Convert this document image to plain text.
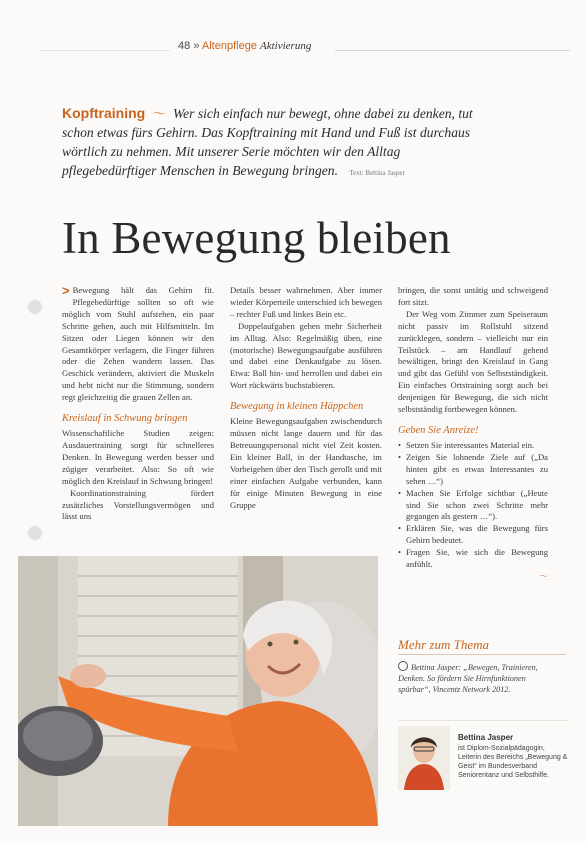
48 » Altenpflege Aktivierung
Kopftraining 〜 Wer sich einfach nur bewegt, ohne dabei zu denken, tut schon etwas fürs Gehirn. Das Kopftraining mit Hand und Fuß ist durchaus wörtlich zu nehmen. Mit unserer Serie möchten wir den Alltag pflegebedürftiger Menschen in Bewegung bringen. Text: Bettina Jasper
In Bewegung bleiben

> Bewegung hält das Gehirn fit. Pflegebedürftige sollten so oft wie möglich vom Stuhl aufstehen, ein paar Schritte gehen, auch mit Hilfsmitteln. Im Sitzen oder Liegen können wir den Gesamtkörper verlagern, die Finger führen oder die Zehen wandern lassen. Das Geschick verändern, aktiviert die Muskeln und hebt nicht nur die Stimmung, sondern regt gleichzeitig die grauen Zellen an.

Kreislauf in Schwung bringen

Wissenschaftliche Studien zeigen: Ausdauertraining sorgt für schnelleres Denken. In Bewegung werden besser und zügiger verarbeitet. Also: So oft wie möglich den Kreislauf in Schwung bringen!

Koordinationstraining fördert zusätzliches Vorstellungsvermögen und lässt uns

Details besser wahrnehmen. Aber immer wieder Körperteile unterschied ich bewegen – rechter Fuß und linkes Bein etc.

Doppelaufgaben gehen mehr Sicherheit im Alltag. Also: Regelmäßig üben, eine (motorische) Bewegungsaufgabe ausführen und dabei eine Denkaufgabe zu lösen. Etwa: Ball hin- und herrollen und dabei ein Wort rückwärts buchstabieren.

Bewegung in kleinen Häppchen

Kleine Bewegungsaufgaben zwischendurch müssen nicht lange dauern und für das Betreuungspersonal nicht viel Zeit kosten. Ein kleiner Ball, in der Handtasche, im Vorbeigehen über den Tisch gerollt und mit einer einfachen Aufgabe verbunden, kann für einige Minuten Bewegung in eine Gruppe

bringen, die sonst untätig und schweigend fort sitzt.

Der Weg vom Zimmer zum Speiseraum nicht passiv im Rollstuhl sitzend zurücklegen, sondern – vielleicht nur ein Teilstück – am Handlauf gehend bewältigen, bringt den Kreislauf in Gang und gibt das Gefühl von Selbstständigkeit. Ein einfaches Ortstraining sorgt auch bei denjenigen für Bewegung, die sich nicht selbstständig fortbewegen können.

Geben Sie Anreize!
• Setzen Sie interessantes Material ein.
• Zeigen Sie lohnende Ziele auf („Da hinten gibt es etwas Interessantes zu sehen …“)
• Machen Sie Erfolge sichtbar („Heute sind Sie schon zwei Schritte mehr gegangen als gestern …“).
• Erklären Sie, was die Bewegung fürs Gehirn bedeutet.
• Fragen Sie, wie sich die Bewegung anfühlt.
〜
Mehr zum Thema
Bettina Jasper: „Bewegen, Trainieren, Denken. So fördern Sie Hirnfunktionen spürbar“, Vincentz Network 2012.
Bettina Jasper
ist Diplom-Sozialpädagogin, Leiterin des Bereichs „Bewegung & Geist“ im Bundesverband Seniorentanz und Selbsthilfe.
